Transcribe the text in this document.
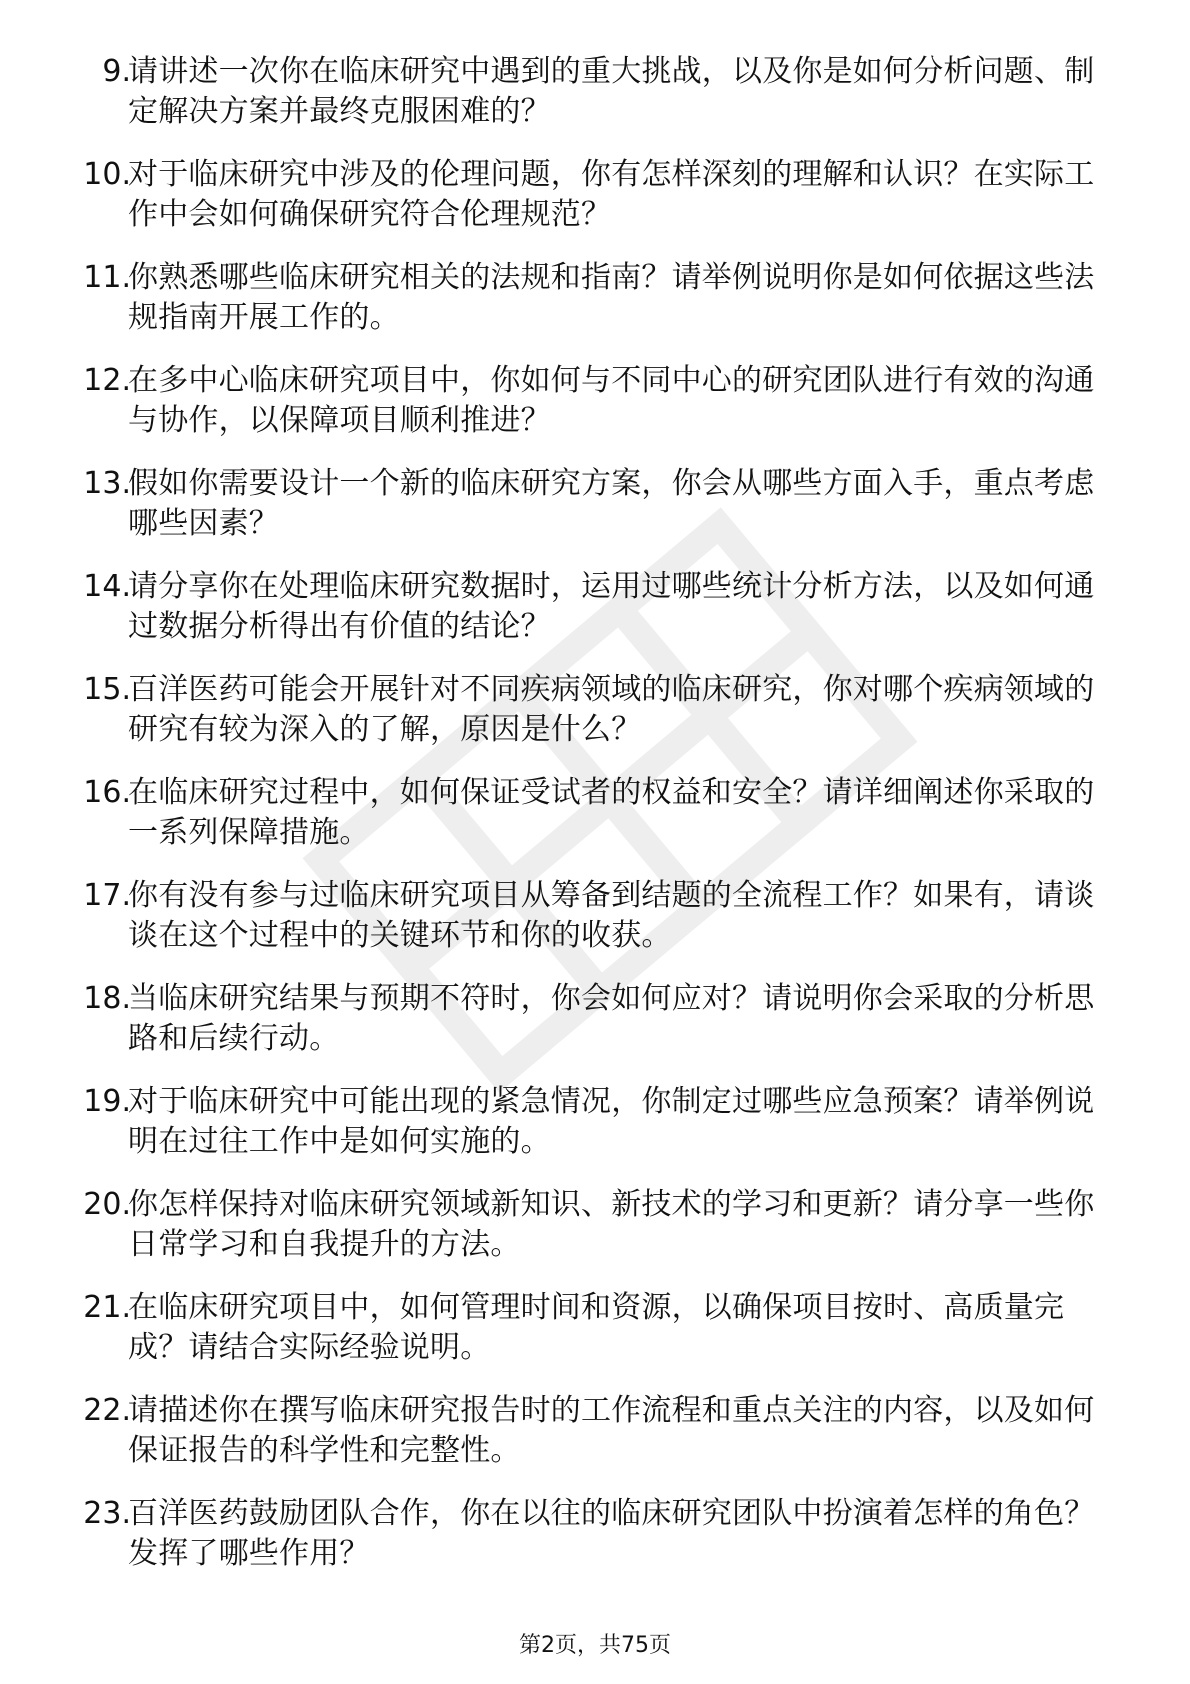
9.
请讲述一次你在临床研究中遇到的重大挑战，以及你是如何分析问题、制定解决方案并最终克服困难的？
10.
对于临床研究中涉及的伦理问题，你有怎样深刻的理解和认识？在实际工作中会如何确保研究符合伦理规范？
11.
你熟悉哪些临床研究相关的法规和指南？请举例说明你是如何依据这些法规指南开展工作的。
12.
在多中心临床研究项目中，你如何与不同中心的研究团队进行有效的沟通与协作，以保障项目顺利推进？
13.
假如你需要设计一个新的临床研究方案，你会从哪些方面入手，重点考虑哪些因素？
14.
请分享你在处理临床研究数据时，运用过哪些统计分析方法，以及如何通过数据分析得出有价值的结论？
15.
百洋医药可能会开展针对不同疾病领域的临床研究，你对哪个疾病领域的研究有较为深入的了解，原因是什么？
16.
在临床研究过程中，如何保证受试者的权益和安全？请详细阐述你采取的一系列保障措施。
17.
你有没有参与过临床研究项目从筹备到结题的全流程工作？如果有，请谈谈在这个过程中的关键环节和你的收获。
18.
当临床研究结果与预期不符时，你会如何应对？请说明你会采取的分析思路和后续行动。
19.
对于临床研究中可能出现的紧急情况，你制定过哪些应急预案？请举例说明在过往工作中是如何实施的。
20.
你怎样保持对临床研究领域新知识、新技术的学习和更新？请分享一些你日常学习和自我提升的方法。
21.
在临床研究项目中，如何管理时间和资源，以确保项目按时、高质量完成？请结合实际经验说明。
22.
请描述你在撰写临床研究报告时的工作流程和重点关注的内容，以及如何保证报告的科学性和完整性。
23.
百洋医药鼓励团队合作，你在以往的临床研究团队中扮演着怎样的角色？发挥了哪些作用？
第2页，共75页
